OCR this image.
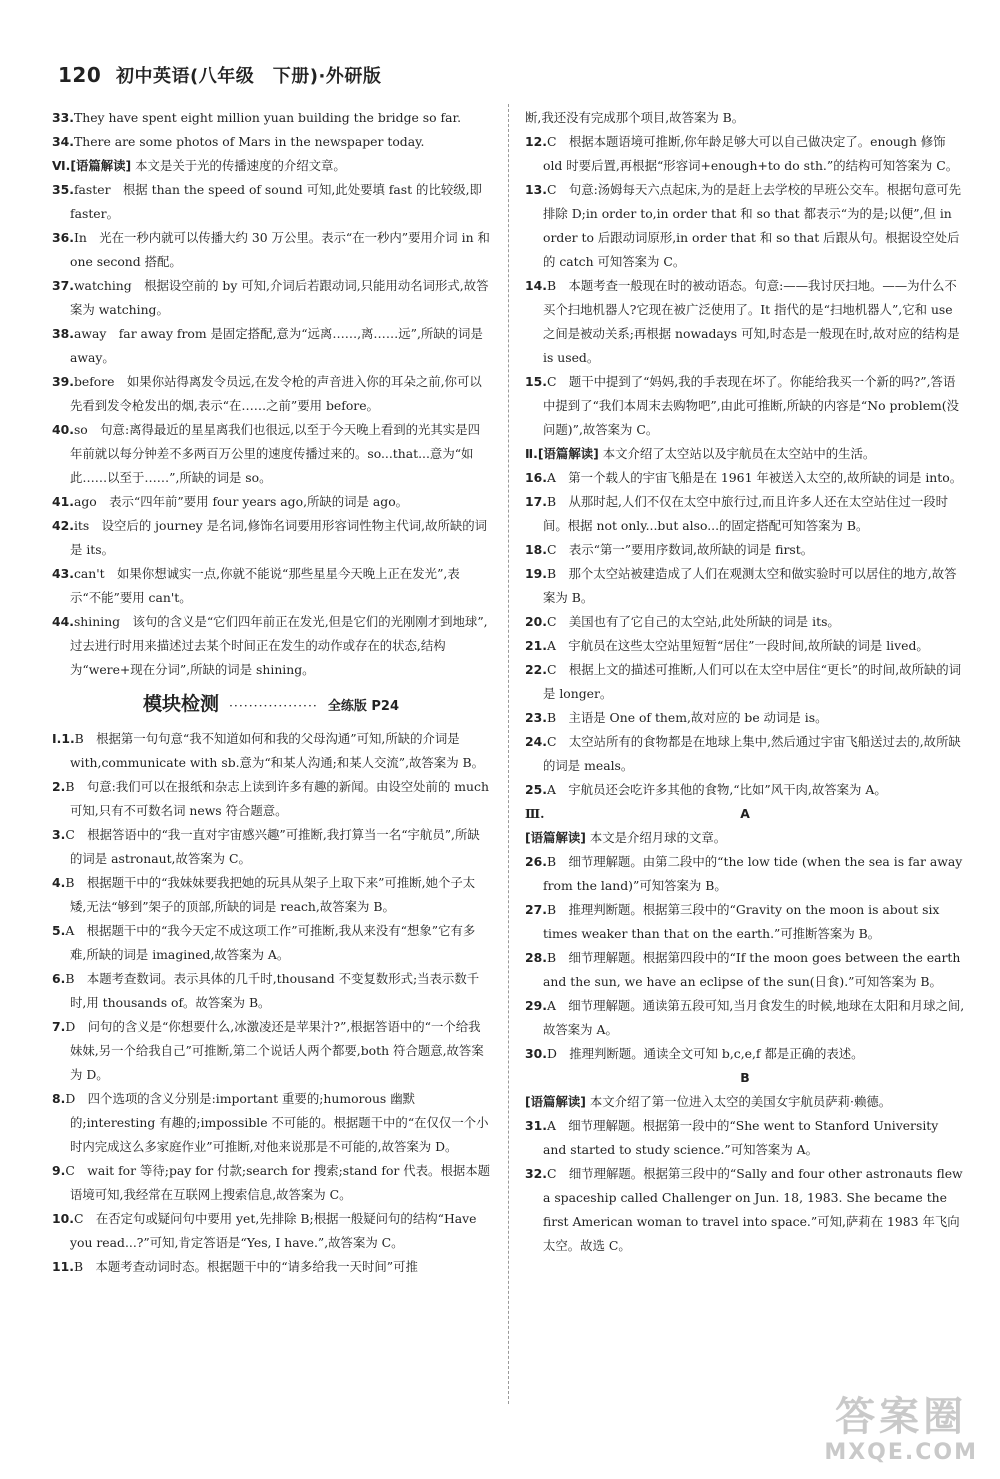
120 初中英语(八年级　下册)·外研版

33.They have spent eight million yuan building the bridge so far.

34.There are some photos of Mars in the newspaper today.

Ⅵ.[语篇解读] 本文是关于光的传播速度的介绍文章。

35.faster　根据 than the speed of sound 可知,此处要填 fast 的比较级,即 faster。

36.In　光在一秒内就可以传播大约 30 万公里。表示“在一秒内”要用介词 in 和 one second 搭配。

37.watching　根据设空前的 by 可知,介词后若跟动词,只能用动名词形式,故答案为 watching。

38.away　far away from 是固定搭配,意为“远离……,离……远”,所缺的词是 away。

39.before　如果你站得离发令员远,在发令枪的声音进入你的耳朵之前,你可以先看到发令枪发出的烟,表示“在……之前”要用 before。

40.so　句意:离得最近的星星离我们也很远,以至于今天晚上看到的光其实是四年前就以每分钟差不多两百万公里的速度传播过来的。so...that...意为“如此……以至于……”,所缺的词是 so。

41.ago　表示“四年前”要用 four years ago,所缺的词是 ago。

42.its　设空后的 journey 是名词,修饰名词要用形容词性物主代词,故所缺的词是 its。

43.can't　如果你想诚实一点,你就不能说“那些星星今天晚上正在发光”,表示“不能”要用 can't。

44.shining　该句的含义是“它们四年前正在发光,但是它们的光刚刚才到地球”,过去进行时用来描述过去某个时间正在发生的动作或存在的状态,结构为“were+现在分词”,所缺的词是 shining。

模块检测 ·················· 全练版 P24

Ⅰ.1.B　根据第一句句意“我不知道如何和我的父母沟通”可知,所缺的介词是 with,communicate with sb.意为“和某人沟通;和某人交流”,故答案为 B。

2.B　句意:我们可以在报纸和杂志上读到许多有趣的新闻。由设空处前的 much 可知,只有不可数名词 news 符合题意。

3.C　根据答语中的“我一直对宇宙感兴趣”可推断,我打算当一名“宇航员”,所缺的词是 astronaut,故答案为 C。

4.B　根据题干中的“我妹妹要我把她的玩具从架子上取下来”可推断,她个子太矮,无法“够到”架子的顶部,所缺的词是 reach,故答案为 B。

5.A　根据题干中的“我今天定不成这项工作”可推断,我从来没有“想象”它有多难,所缺的词是 imagined,故答案为 A。

6.B　本题考查数词。表示具体的几千时,thousand 不变复数形式;当表示数千时,用 thousands of。故答案为 B。

7.D　问句的含义是“你想要什么,冰激凌还是苹果汁?”,根据答语中的“一个给我妹妹,另一个给我自己”可推断,第二个说话人两个都要,both 符合题意,故答案为 D。

8.D　四个选项的含义分别是:important 重要的;humorous 幽默的;interesting 有趣的;impossible 不可能的。根据题干中的“在仅仅一个小时内完成这么多家庭作业”可推断,对他来说那是不可能的,故答案为 D。

9.C　wait for 等待;pay for 付款;search for 搜索;stand for 代表。根据本题语境可知,我经常在互联网上搜索信息,故答案为 C。

10.C　在否定句或疑问句中要用 yet,先排除 B;根据一般疑问句的结构“Have you read...?”可知,肯定答语是“Yes, I have.”,故答案为 C。

11.B　本题考查动词时态。根据题干中的“请多给我一天时间”可推

断,我还没有完成那个项目,故答案为 B。

12.C　根据本题语境可推断,你年龄足够大可以自己做决定了。enough 修饰 old 时要后置,再根据“形容词+enough+to do sth.”的结构可知答案为 C。

13.C　句意:汤姆每天六点起床,为的是赶上去学校的早班公交车。根据句意可先排除 D;in order to,in order that 和 so that 都表示“为的是;以便”,但 in order to 后跟动词原形,in order that 和 so that 后跟从句。根据设空处后的 catch 可知答案为 C。

14.B　本题考查一般现在时的被动语态。句意:——我讨厌扫地。——为什么不买个扫地机器人?它现在被广泛使用了。It 指代的是“扫地机器人”,它和 use 之间是被动关系;再根据 nowadays 可知,时态是一般现在时,故对应的结构是 is used。

15.C　题干中提到了“妈妈,我的手表现在坏了。你能给我买一个新的吗?”,答语中提到了“我们本周末去购物吧”,由此可推断,所缺的内容是“No problem(没问题)”,故答案为 C。

Ⅱ.[语篇解读] 本文介绍了太空站以及宇航员在太空站中的生活。

16.A　第一个载人的宇宙飞船是在 1961 年被送入太空的,故所缺的词是 into。

17.B　从那时起,人们不仅在太空中旅行过,而且许多人还在太空站住过一段时间。根据 not only...but also...的固定搭配可知答案为 B。

18.C　表示“第一”要用序数词,故所缺的词是 first。

19.B　那个太空站被建造成了人们在观测太空和做实验时可以居住的地方,故答案为 B。

20.C　美国也有了它自己的太空站,此处所缺的词是 its。

21.A　宇航员在这些太空站里短暂“居住”一段时间,故所缺的词是 lived。

22.C　根据上文的描述可推断,人们可以在太空中居住“更长”的时间,故所缺的词是 longer。

23.B　主语是 One of them,故对应的 be 动词是 is。

24.C　太空站所有的食物都是在地球上集中,然后通过宇宙飞船送过去的,故所缺的词是 meals。

25.A　宇航员还会吃许多其他的食物,“比如”风干肉,故答案为 A。

Ⅲ.	A

[语篇解读] 本文是介绍月球的文章。

26.B　细节理解题。由第二段中的“the low tide (when the sea is far away from the land)”可知答案为 B。

27.B　推理判断题。根据第三段中的“Gravity on the moon is about six times weaker than that on the earth.”可推断答案为 B。

28.B　细节理解题。根据第四段中的“If the moon goes between the earth and the sun, we have an eclipse of the sun(日食).”可知答案为 B。

29.A　细节理解题。通读第五段可知,当月食发生的时候,地球在太阳和月球之间,故答案为 A。

30.D　推理判断题。通读全文可知 b,c,e,f 都是正确的表述。

B

[语篇解读] 本文介绍了第一位进入太空的美国女宇航员萨莉·赖德。

31.A　细节理解题。根据第一段中的“She went to Stanford University and started to study science.”可知答案为 A。

32.C　细节理解题。根据第三段中的“Sally and four other astronauts flew a spaceship called Challenger on Jun. 18, 1983. She became the first American woman to travel into space.”可知,萨莉在 1983 年飞向太空。故选 C。

答案圈
MXQE.COM
